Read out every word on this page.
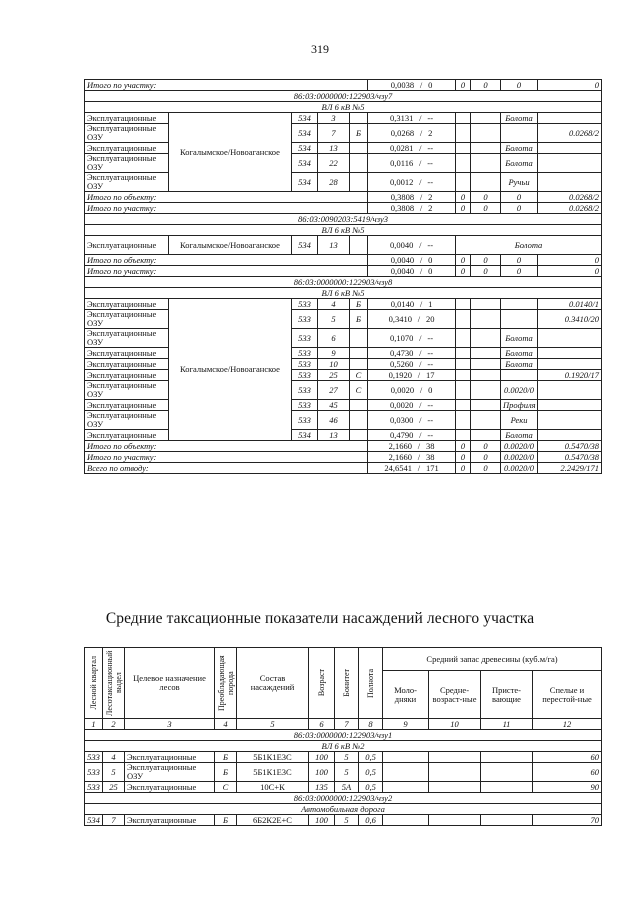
319
Итого по участку:					0,0038 / 0	0	0	0	0
86:03:0000000:122903/чзу7									
ВЛ 6 кВ №5									
Эксплуатационные	Когалымское/Новоаганское	534	3		0,3131 / --			Болота	
Эксплуатационные ОЗУ		534	7	Б	0,0268 / 2				0.0268/2
Эксплуатационные		534	13		0,0281 / --			Болота	
Эксплуатационные ОЗУ		534	22		0,0116 / --			Болота	
Эксплуатационные ОЗУ		534	28		0,0012 / --			Ручьи	
Итого по объекту:					0,3808 / 2	0	0	0	0.0268/2
Итого по участку:					0,3808 / 2	0	0	0	0.0268/2
86:03:0090203:5419/чзу3									
ВЛ 6 кВ №5									
Эксплуатационные	Когалымское/Новоаганское	534	13		0,0040 / --	Болота			
Итого по объекту:					0,0040 / 0	0	0	0	0
Итого по участку:					0,0040 / 0	0	0	0	0
86:03:0000000:122903/чзу8									
ВЛ 6 кВ №5									
Эксплуатационные	Когалымское/Новоаганское	533	4	Б	0,0140 / 1				0.0140/1
Эксплуатационные ОЗУ		533	5	Б	0,3410 / 20				0.3410/20
Эксплуатационные ОЗУ		533	6		0,1070 / --			Болота	
Эксплуатационные		533	9		0,4730 / --			Болота	
Эксплуатационные		533	10		0,5260 / --			Болота	
Эксплуатационные		533	25	С	0,1920 / 17				0.1920/17
Эксплуатационные ОЗУ		533	27	С	0,0020 / 0			0.0020/0	
Эксплуатационные		533	45		0,0020 / --			Профиля	
Эксплуатационные ОЗУ		533	46		0,0300 / --			Реки	
Эксплуатационные		534	13		0,4790 / --			Болота	
Итого по объекту:					2,1660 / 38	0	0	0.0020/0	0.5470/38
Итого по участку:					2,1660 / 38	0	0	0.0020/0	0.5470/38
Всего по отводу:					24,6541 / 171	0	0	0.0020/0	2.2429/171
Средние таксационные показатели насаждений лесного участка
Лесной квартал	Лесотаксационный выдел	Целевое назначение лесов	Преобладающая порода	Состав насаждений	Возраст	Бонитет	Полнота	Средний запас древесины (куб.м/га)			
								Моло-дняки	Средне-возраст-ные	Присте-вающие	Спелые и перестой-ные
1	2	3	4	5	6	7	8	9	10	11	12
86:03:0000000:122903/чзу1											
ВЛ 6 кВ №2											
533	4	Эксплуатационные	Б	5Б1К1Е3С	100	5	0,5				60
533	5	Эксплуатационные ОЗУ	Б	5Б1К1Е3С	100	5	0,5				60
533	25	Эксплуатационные	С	10С+К	135	5А	0,5				90
86:03:0000000:122903/чзу2											
Автомобильная дорога											
534	7	Эксплуатационные	Б	6Б2К2Е+С	100	5	0,6				70
